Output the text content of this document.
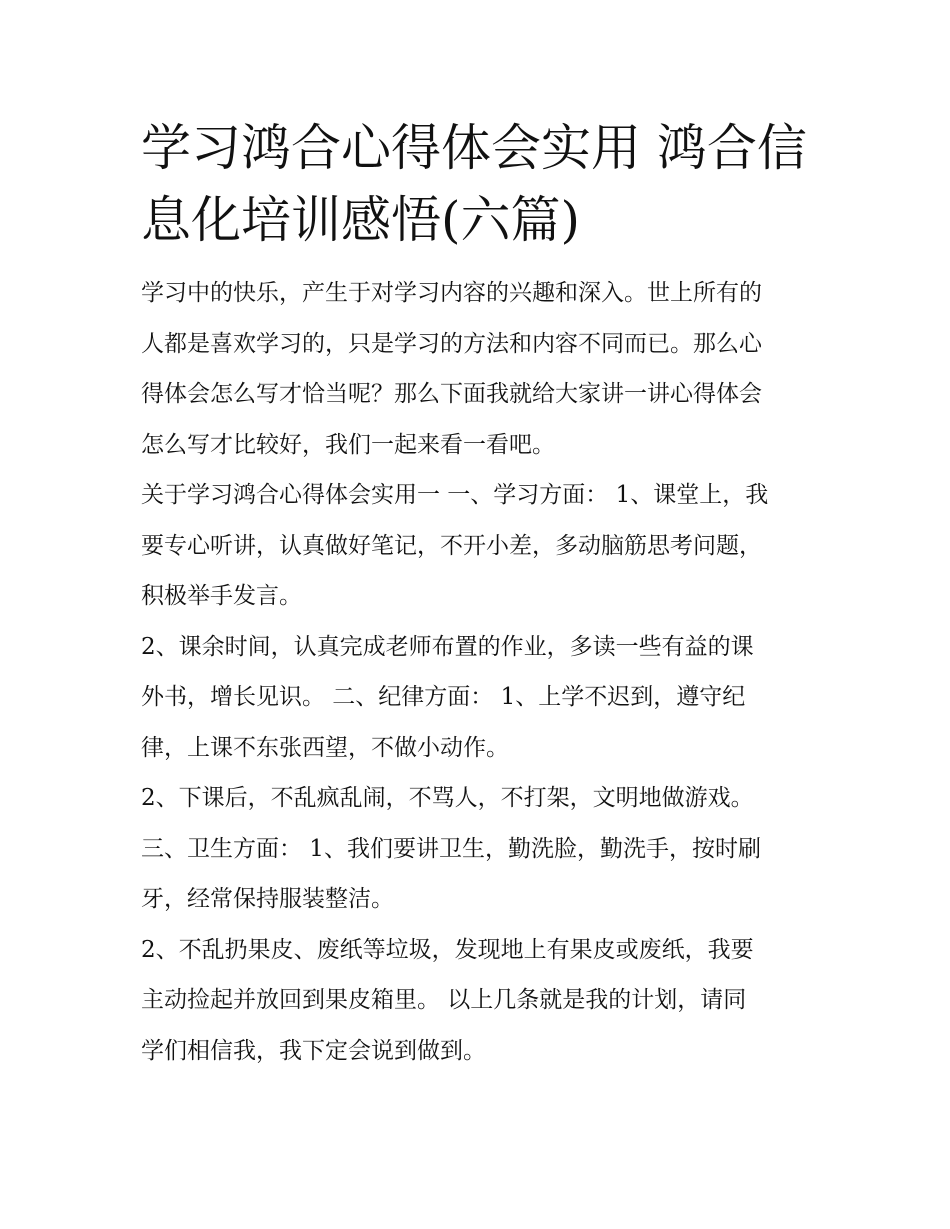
学习鸿合心得体会实用 鸿合信
息化培训感悟(六篇)

学习中的快乐，产生于对学习内容的兴趣和深入。世上所有的
人都是喜欢学习的，只是学习的方法和内容不同而已。那么心
得体会怎么写才恰当呢？那么下面我就给大家讲一讲心得体会
怎么写才比较好，我们一起来看一看吧。

关于学习鸿合心得体会实用一 一、学习方面： 1、课堂上，我
要专心听讲，认真做好笔记，不开小差，多动脑筋思考问题，
积极举手发言。

2、课余时间，认真完成老师布置的作业，多读一些有益的课
外书，增长见识。 二、纪律方面： 1、上学不迟到，遵守纪
律，上课不东张西望，不做小动作。

2、下课后，不乱疯乱闹，不骂人，不打架，文明地做游戏。

三、卫生方面： 1、我们要讲卫生，勤洗脸，勤洗手，按时刷
牙，经常保持服装整洁。

2、不乱扔果皮、废纸等垃圾，发现地上有果皮或废纸，我要
主动捡起并放回到果皮箱里。 以上几条就是我的计划，请同
学们相信我，我下定会说到做到。
